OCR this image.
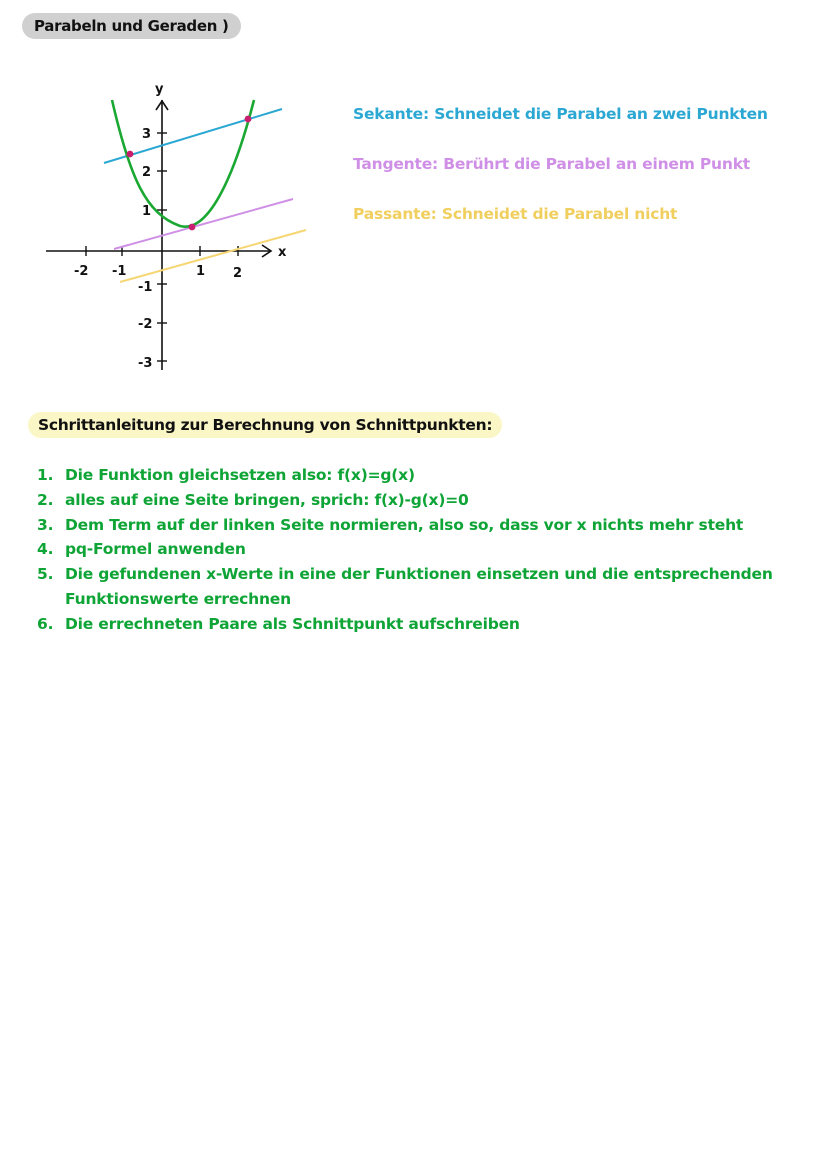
Parabeln und Geraden )
x
y
-2 -1	1 2
3
2
1
-1
-2
-3
Sekante: Schneidet die Parabel an zwei Punkten
Tangente: Berührt die Parabel an einem Punkt
Passante: Schneidet die Parabel nicht
Schrittanleitung zur Berechnung von Schnittpunkten:
1. Die Funktion gleichsetzen also: f(x)=g(x)
2. alles auf eine Seite bringen, sprich: f(x)-g(x)=0
3. Dem Term auf der linken Seite normieren, also so, dass vor x nichts mehr steht
4. pq-Formel anwenden
5. Die gefundenen x-Werte in eine der Funktionen einsetzen und die entsprechenden Funktionswerte errechnen
6. Die errechneten Paare als Schnittpunkt aufschreiben
